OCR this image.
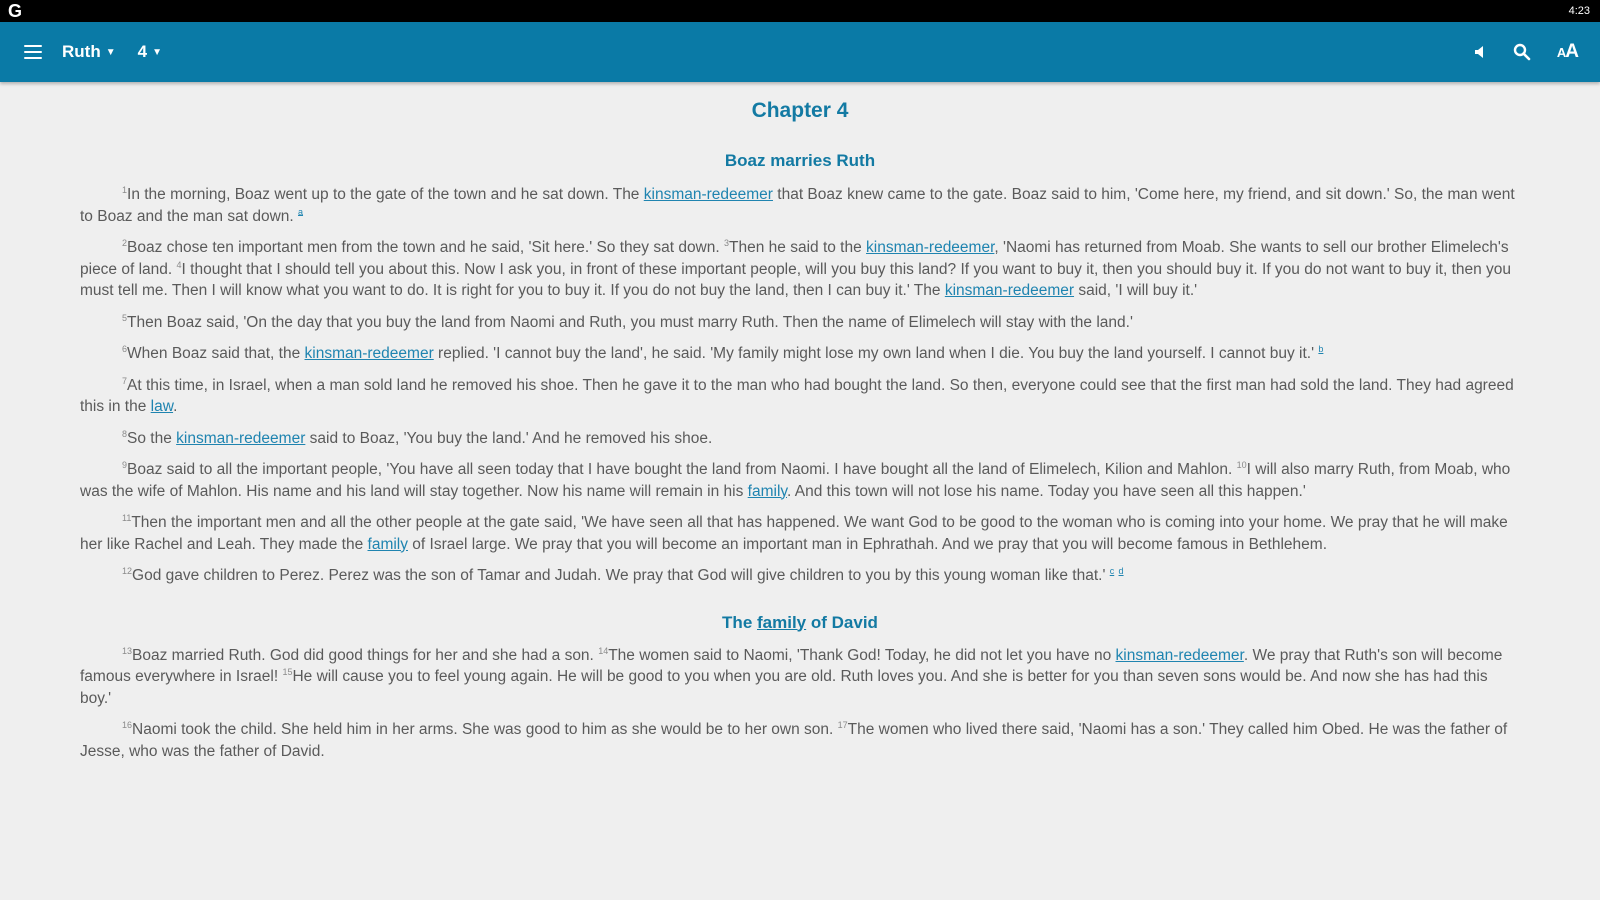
G	4:23
Ruth ▼ 4 ▼	A A
Chapter 4
Boaz marries Ruth

$^1$In the morning, Boaz went up to the gate of the town and he sat down. The kinsman-redeemer that Boaz knew came to the gate. Boaz said to him, 'Come here, my friend, and sit down.' So, the man went to Boaz and the man sat down. $^a$

$^2$Boaz chose ten important men from the town and he said, 'Sit here.' So they sat down. $^3$Then he said to the kinsman-redeemer, 'Naomi has returned from Moab. She wants to sell our brother Elimelech's piece of land. $^4$I thought that I should tell you about this. Now I ask you, in front of these important people, will you buy this land? If you want to buy it, then you should buy it. If you do not want to buy it, then you must tell me. Then I will know what you want to do. It is right for you to buy it. If you do not buy the land, then I can buy it.' The kinsman-redeemer said, 'I will buy it.'

$^5$Then Boaz said, 'On the day that you buy the land from Naomi and Ruth, you must marry Ruth. Then the name of Elimelech will stay with the land.'

$^6$When Boaz said that, the kinsman-redeemer replied. 'I cannot buy the land', he said. 'My family might lose my own land when I die. You buy the land yourself. I cannot buy it.' $^b$

$^7$At this time, in Israel, when a man sold land he removed his shoe. Then he gave it to the man who had bought the land. So then, everyone could see that the first man had sold the land. They had agreed this in the law.

$^8$So the kinsman-redeemer said to Boaz, 'You buy the land.' And he removed his shoe.

$^9$Boaz said to all the important people, 'You have all seen today that I have bought the land from Naomi. I have bought all the land of Elimelech, Kilion and Mahlon. $^{10}$I will also marry Ruth, from Moab, who was the wife of Mahlon. His name and his land will stay together. Now his name will remain in his family. And this town will not lose his name. Today you have seen all this happen.'

$^{11}$Then the important men and all the other people at the gate said, 'We have seen all that has happened. We want God to be good to the woman who is coming into your home. We pray that he will make her like Rachel and Leah. They made the family of Israel large. We pray that you will become an important man in Ephrathah. And we pray that you will become famous in Bethlehem.

$^{12}$God gave children to Perez. Perez was the son of Tamar and Judah. We pray that God will give children to you by this young woman like that.' $^c$ $^d$

The family of David

$^{13}$Boaz married Ruth. God did good things for her and she had a son. $^{14}$The women said to Naomi, 'Thank God! Today, he did not let you have no kinsman-redeemer. We pray that Ruth's son will become famous everywhere in Israel! $^{15}$He will cause you to feel young again. He will be good to you when you are old. Ruth loves you. And she is better for you than seven sons would be. And now she has had this boy.'

$^{16}$Naomi took the child. She held him in her arms. She was good to him as she would be to her own son. $^{17}$The women who lived there said, 'Naomi has a son.' They called him Obed. He was the father of Jesse, who was the father of David.
